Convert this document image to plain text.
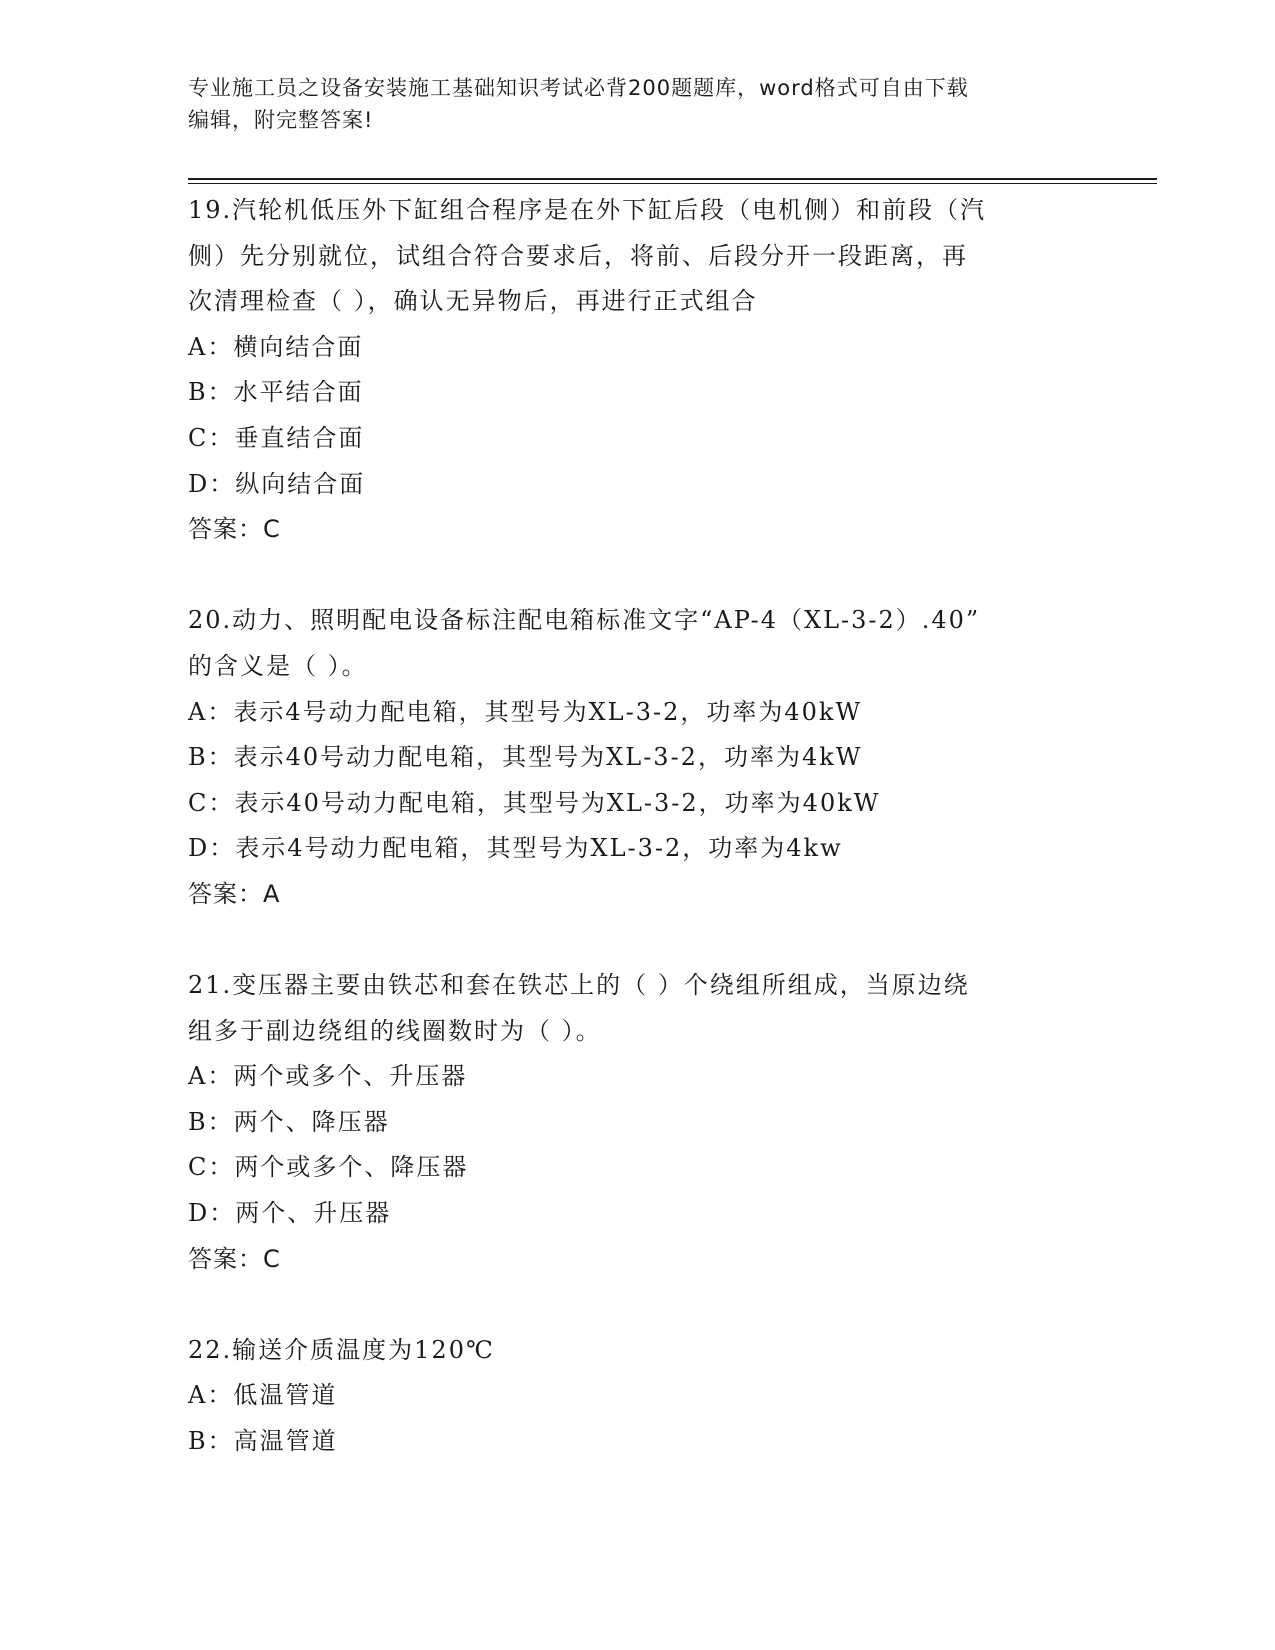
专业施工员之设备安装施工基础知识考试必背200题题库，word格式可自由下载
编辑，附完整答案!
19.汽轮机低压外下缸组合程序是在外下缸后段（电机侧）和前段（汽
侧）先分别就位，试组合符合要求后，将前、后段分开一段距离，再
次清理检查（ ），确认无异物后，再进行正式组合
A：横向结合面
B：水平结合面
C：垂直结合面
D：纵向结合面
答案：C
20.动力、照明配电设备标注配电箱标准文字“AP-4（XL-3-2）.40”
的含义是（ ）。
A：表示4号动力配电箱，其型号为XL-3-2，功率为40kW
B：表示40号动力配电箱，其型号为XL-3-2，功率为4kW
C：表示40号动力配电箱，其型号为XL-3-2，功率为40kW
D：表示4号动力配电箱，其型号为XL-3-2，功率为4kw
答案：A
21.变压器主要由铁芯和套在铁芯上的（ ）个绕组所组成，当原边绕
组多于副边绕组的线圈数时为（ ）。
A：两个或多个、升压器
B：两个、降压器
C：两个或多个、降压器
D：两个、升压器
答案：C
22.输送介质温度为120℃
A：低温管道
B：高温管道
